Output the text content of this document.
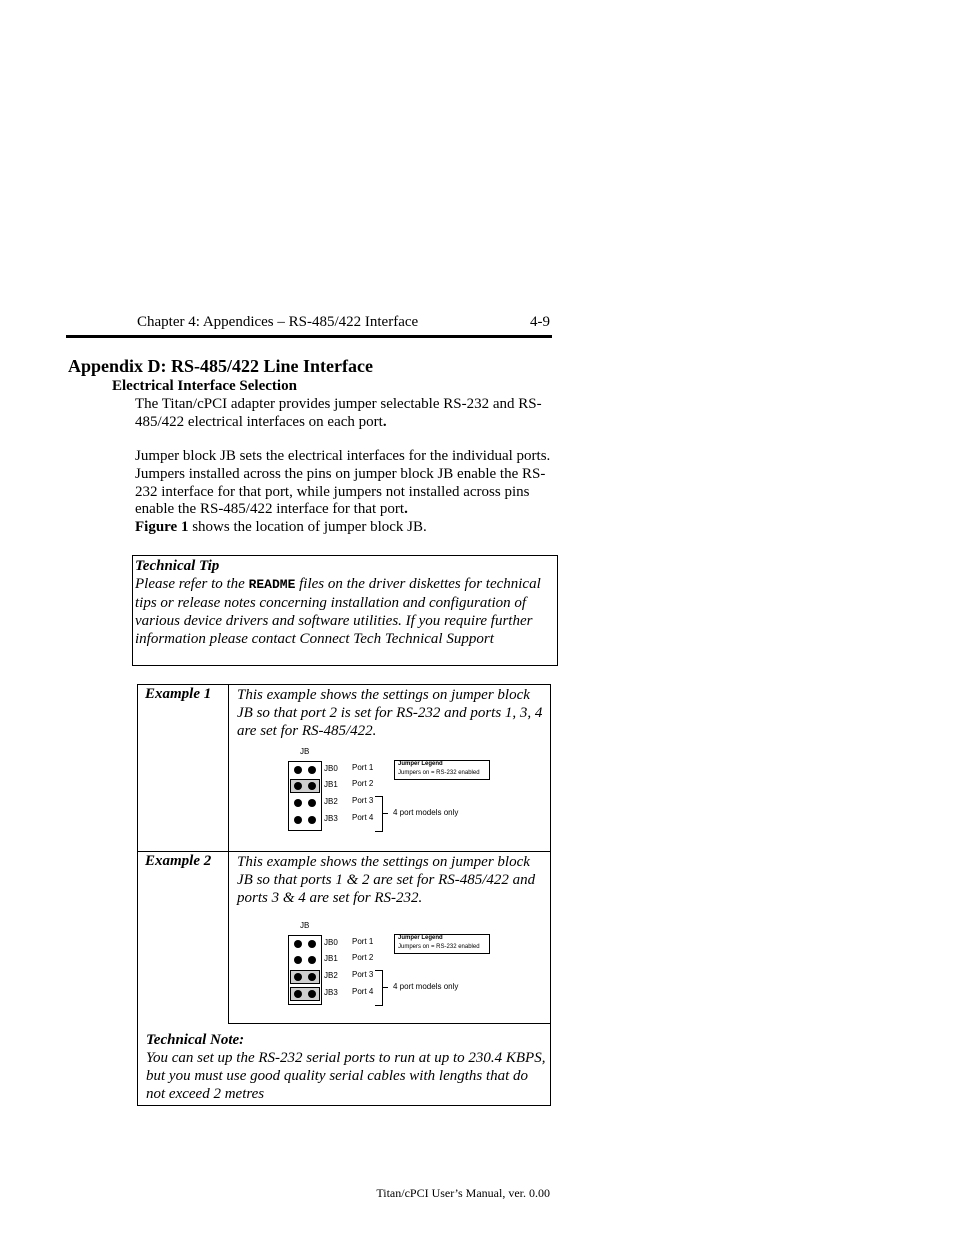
Chapter 4: Appendices – RS-485/422 Interface	4-9
Appendix D: RS-485/422 Line Interface
Electrical Interface Selection
The Titan/cPCI adapter provides jumper selectable RS-232 and RS-485/422 electrical interfaces on each port.
Jumper block JB sets the electrical interfaces for the individual ports. Jumpers installed across the pins on jumper block JB enable the RS-232 interface for that port, while jumpers not installed across pins enable the RS-485/422 interface for that port.
Figure 1 shows the location of jumper block JB.
Technical Tip
Please refer to the README files on the driver diskettes for technical tips or release notes concerning installation and configuration of various device drivers and software utilities. If you require further information please contact Connect Tech Technical Support
Example 1 This example shows the settings on jumper block JB so that port 2 is set for RS-232 and ports 1, 3, 4 are set for RS-485/422.
JB
JB0 Port 1
JB1 Port 2
JB2 Port 3
JB3 Port 4
Jumper Legend
Jumpers on = RS-232 enabled
4 port models only
Example 2 This example shows the settings on jumper block JB so that ports 1 & 2 are set for RS-485/422 and ports 3 & 4 are set for RS-232.
JB
JB0 Port 1
JB1 Port 2
JB2 Port 3
JB3 Port 4
Jumper Legend
Jumpers on = RS-232 enabled
4 port models only
Technical Note:
You can set up the RS-232 serial ports to run at up to 230.4 KBPS, but you must use good quality serial cables with lengths that do not exceed 2 metres
Titan/cPCI User’s Manual, ver. 0.00
